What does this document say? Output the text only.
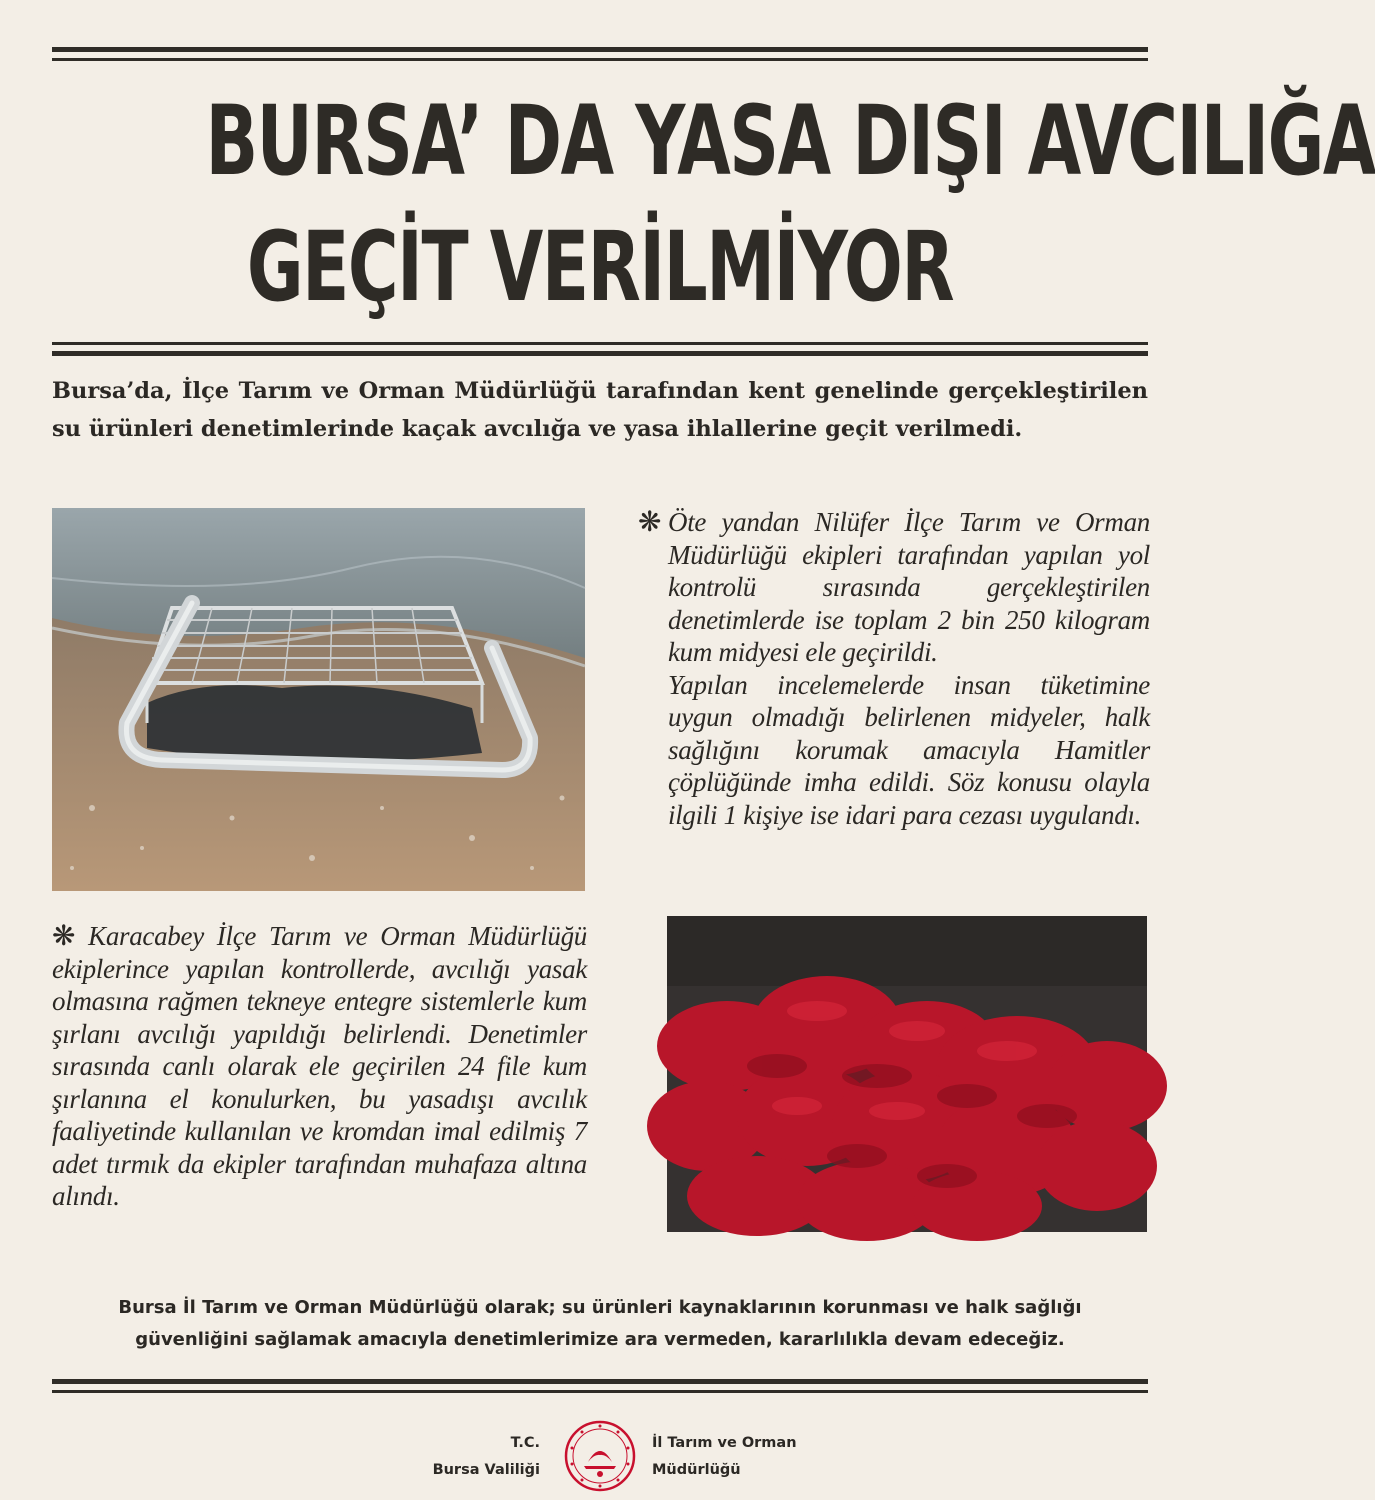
BURSA’ DA YASA DIŞI AVCILIĞA
GEÇİT VERİLMİYOR

Bursa’da, İlçe Tarım ve Orman Müdürlüğü tarafından kent genelinde gerçekleştirilen su ürünleri denetimlerinde kaçak avcılığa ve yasa ihlallerine geçit verilmedi.

❋ Öte yandan Nilüfer İlçe Tarım ve Orman Müdürlüğü ekipleri tarafından yapılan yol kontrolü sırasında gerçekleştirilen denetimlerde ise toplam 2 bin 250 kilogram kum midyesi ele geçirildi.
Yapılan incelemelerde insan tüketimine uygun olmadığı belirlenen midyeler, halk sağlığını korumak amacıyla Hamitler çöplüğünde imha edildi. Söz konusu olayla ilgili 1 kişiye ise idari para cezası uygulandı.
❋ Karacabey İlçe Tarım ve Orman Müdürlüğü ekiplerince yapılan kontrollerde, avcılığı yasak olmasına rağmen tekneye entegre sistemlerle kum şırlanı avcılığı yapıldığı belirlendi. Denetimler sırasında canlı olarak ele geçirilen 24 file kum şırlanına el konulurken, bu yasadışı avcılık faaliyetinde kullanılan ve kromdan imal edilmiş 7 adet tırmık da ekipler tarafından muhafaza altına alındı.
Bursa İl Tarım ve Orman Müdürlüğü olarak; su ürünleri kaynaklarının korunması ve halk sağlığı
güvenliğini sağlamak amacıyla denetimlerimize ara vermeden, kararlılıkla devam edeceğiz.
T.C.
Bursa Valiliği
İl Tarım ve Orman
Müdürlüğü
